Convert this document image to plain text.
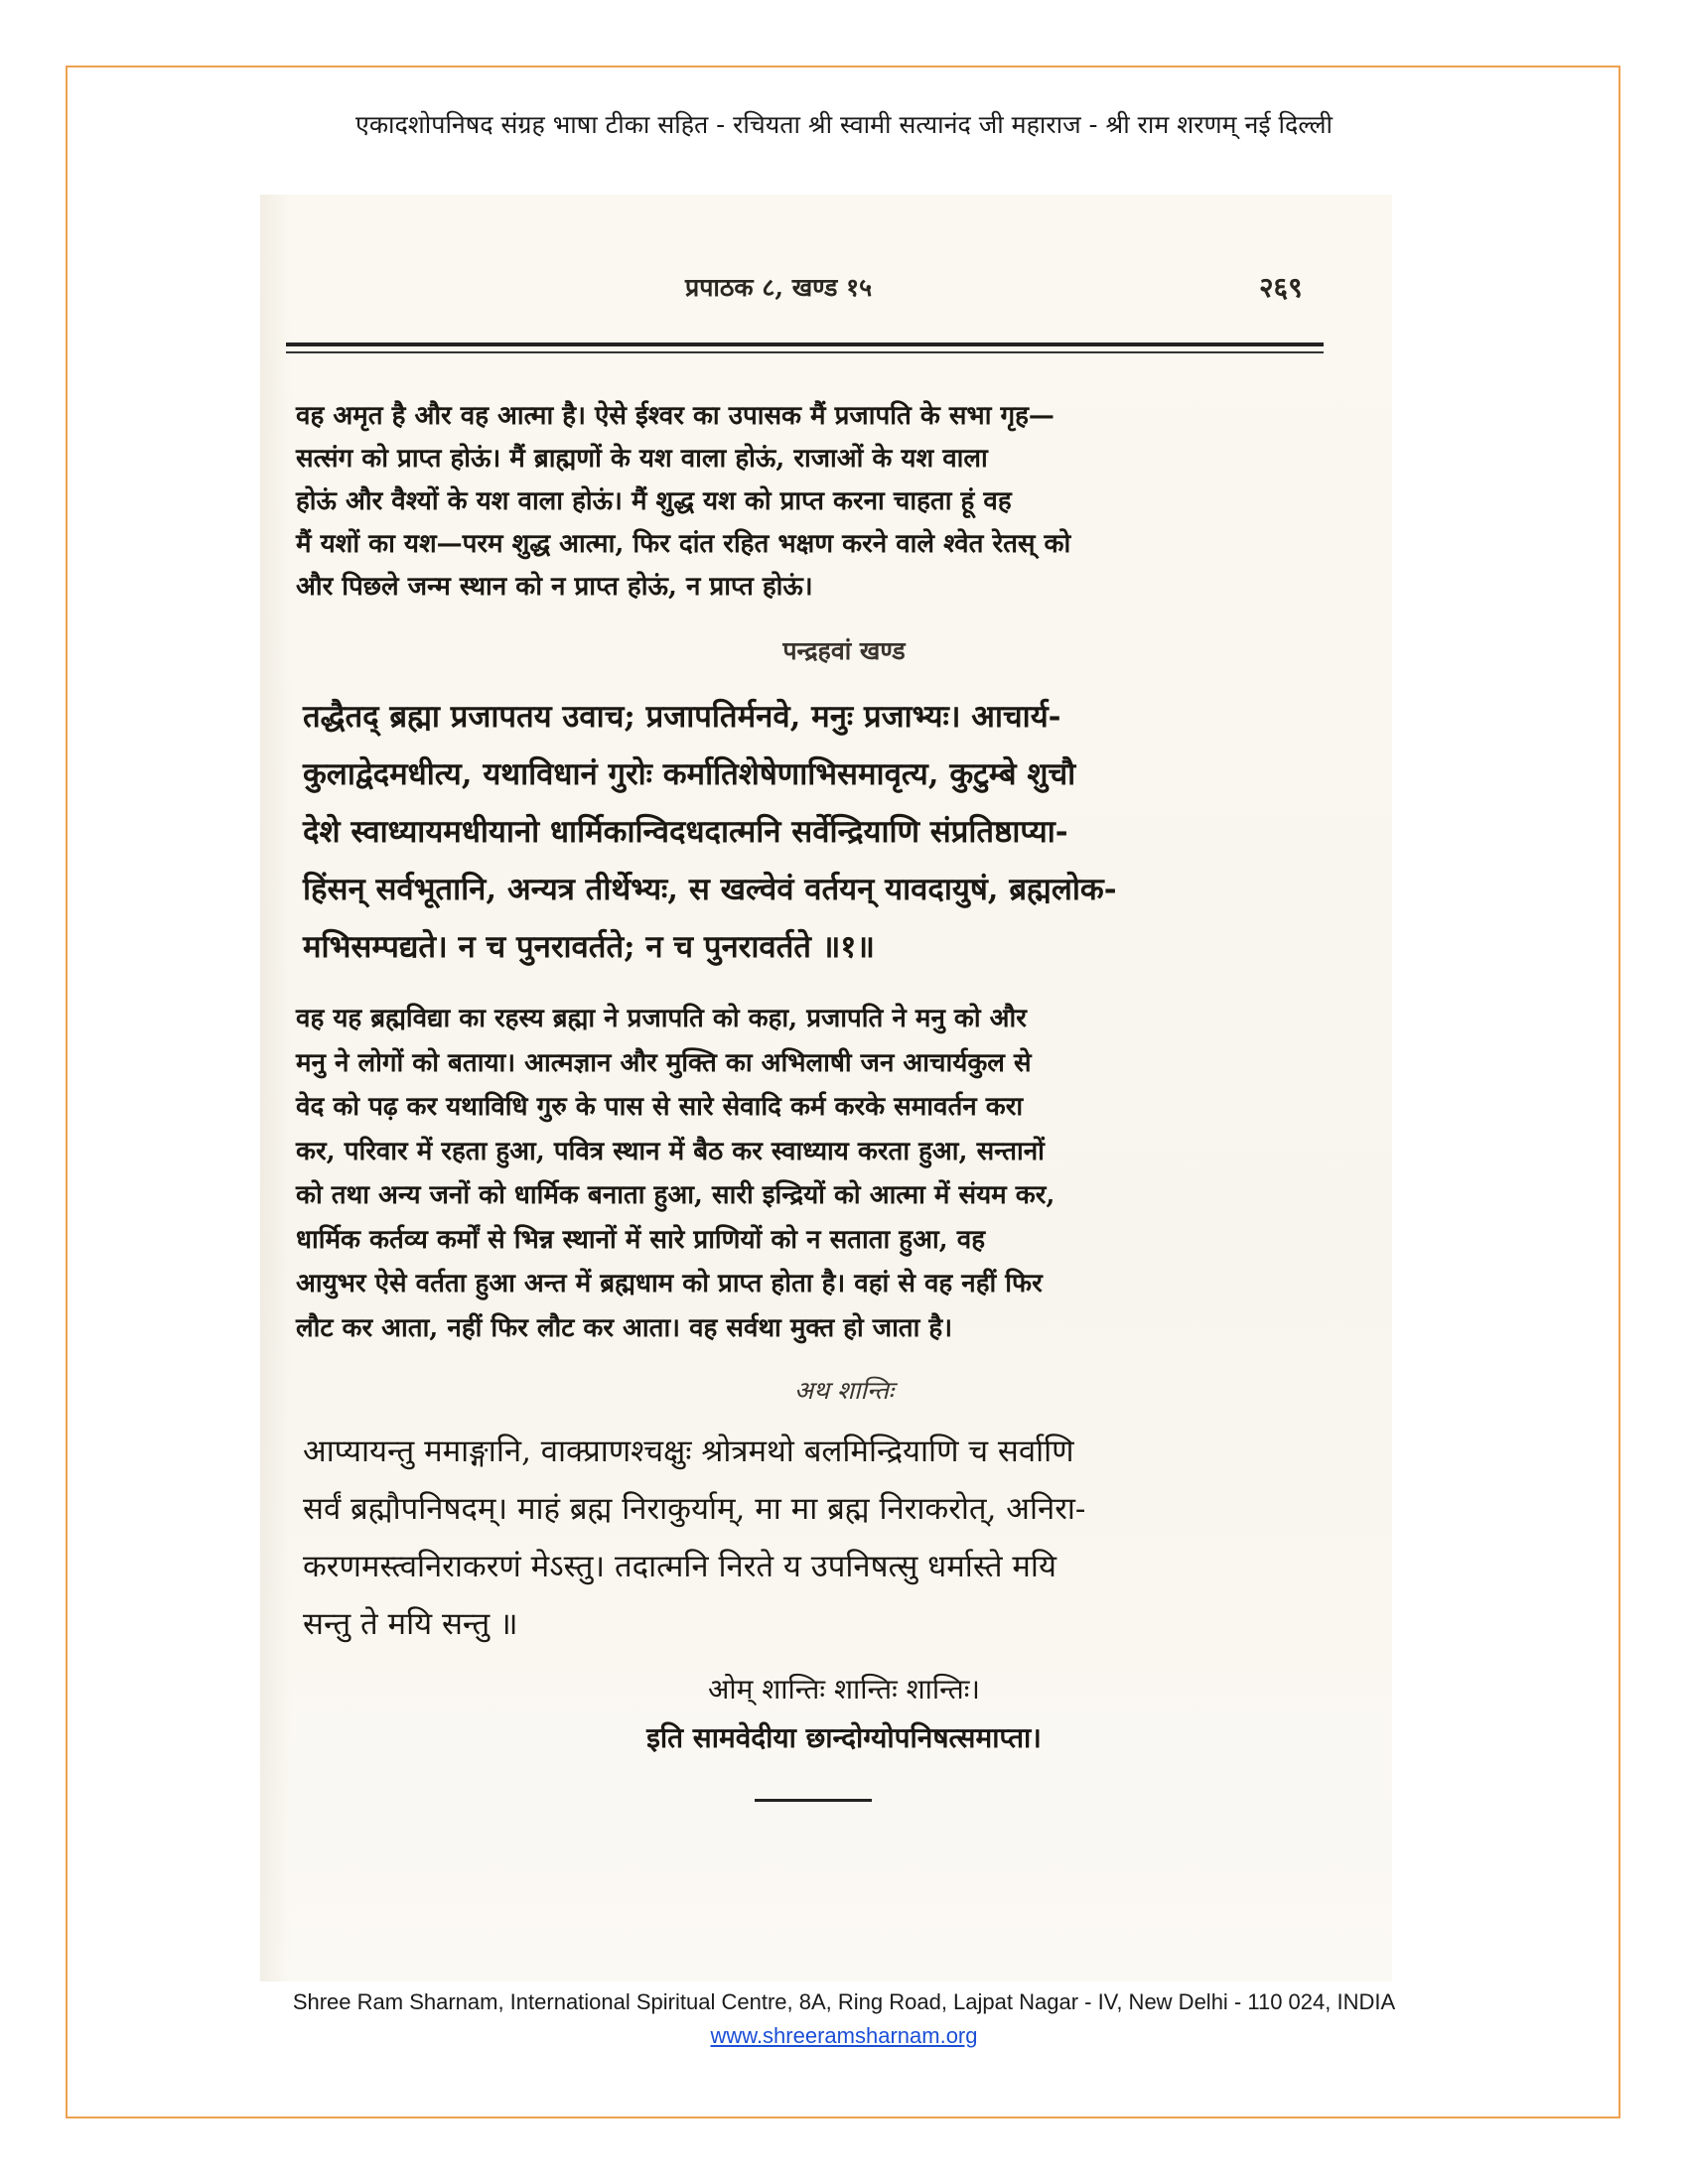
एकादशोपनिषद संग्रह भाषा टीका सहित - रचियता श्री स्वामी सत्यानंद जी महाराज - श्री राम शरणम् नई दिल्ली
प्रपाठक ८, खण्ड १५	२६९
वह अमृत है और वह आत्मा है। ऐसे ईश्वर का उपासक मैं प्रजापति के सभा गृह—
सत्संग को प्राप्त होऊं। मैं ब्राह्मणों के यश वाला होऊं, राजाओं के यश वाला
होऊं और वैश्यों के यश वाला होऊं। मैं शुद्ध यश को प्राप्त करना चाहता हूं वह
मैं यशों का यश—परम शुद्ध आत्मा, फिर दांत रहित भक्षण करने वाले श्वेत रेतस् को
और पिछले जन्म स्थान को न प्राप्त होऊं, न प्राप्त होऊं।
पन्द्रहवां खण्ड
तद्धैतद् ब्रह्मा प्रजापतय उवाच; प्रजापतिर्मनवे, मनुः प्रजाभ्यः। आचार्य-
कुलाद्वेदमधीत्य, यथाविधानं गुरोः कर्मातिशेषेणाभिसमावृत्य, कुटुम्बे शुचौ
देशे स्वाध्यायमधीयानो धार्मिकान्विदधदात्मनि सर्वेन्द्रियाणि संप्रतिष्ठाप्या-
हिंसन् सर्वभूतानि, अन्यत्र तीर्थेभ्यः, स खल्वेवं वर्तयन् यावदायुषं, ब्रह्मलोक-
मभिसम्पद्यते। न च पुनरावर्तते; न च पुनरावर्तते ॥१॥
वह यह ब्रह्मविद्या का रहस्य ब्रह्मा ने प्रजापति को कहा, प्रजापति ने मनु को और
मनु ने लोगों को बताया। आत्मज्ञान और मुक्ति का अभिलाषी जन आचार्यकुल से
वेद को पढ़ कर यथाविधि गुरु के पास से सारे सेवादि कर्म करके समावर्तन करा
कर, परिवार में रहता हुआ, पवित्र स्थान में बैठ कर स्वाध्याय करता हुआ, सन्तानों
को तथा अन्य जनों को धार्मिक बनाता हुआ, सारी इन्द्रियों को आत्मा में संयम कर,
धार्मिक कर्तव्य कर्मों से भिन्न स्थानों में सारे प्राणियों को न सताता हुआ, वह
आयुभर ऐसे वर्तता हुआ अन्त में ब्रह्मधाम को प्राप्त होता है। वहां से वह नहीं फिर
लौट कर आता, नहीं फिर लौट कर आता। वह सर्वथा मुक्त हो जाता है।
अथ शान्तिः
आप्यायन्तु ममाङ्गानि, वाक्प्राणश्चक्षुः श्रोत्रमथो बलमिन्द्रियाणि च सर्वाणि
सर्वं ब्रह्मौपनिषदम्। माहं ब्रह्म निराकुर्याम्, मा मा ब्रह्म निराकरोत्, अनिरा-
करणमस्त्वनिराकरणं मेऽस्तु। तदात्मनि निरते य उपनिषत्सु धर्मास्ते मयि
सन्तु ते मयि सन्तु ॥
ओम् शान्तिः शान्तिः शान्तिः।
इति सामवेदीया छान्दोग्योपनिषत्समाप्ता।
Shree Ram Sharnam, International Spiritual Centre, 8A, Ring Road, Lajpat Nagar - IV, New Delhi - 110 024, INDIA
www.shreeramsharnam.org
